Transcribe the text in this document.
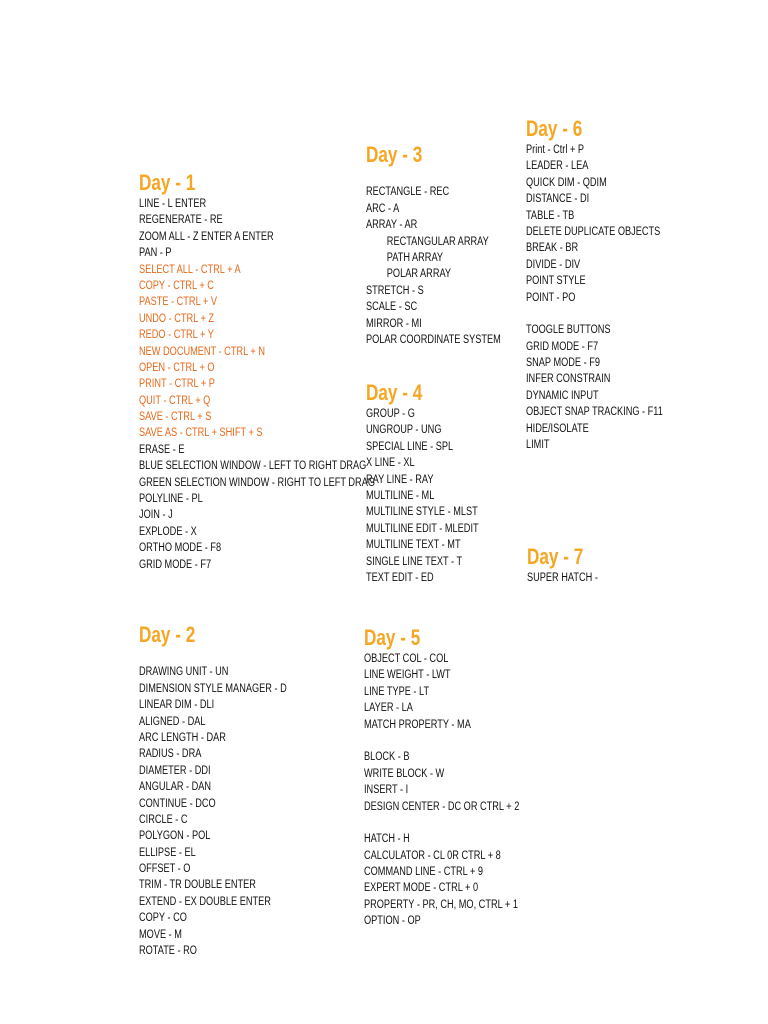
Day - 1
LINE - L ENTER
REGENERATE - RE
ZOOM ALL - Z ENTER A ENTER
PAN - P
SELECT ALL - CTRL + A
COPY - CTRL + C
PASTE - CTRL + V
UNDO - CTRL + Z
REDO - CTRL + Y
NEW DOCUMENT - CTRL + N
OPEN - CTRL + O
PRINT - CTRL + P
QUIT - CTRL + Q
SAVE - CTRL + S
SAVE AS - CTRL + SHIFT + S
ERASE - E
BLUE SELECTION WINDOW - LEFT TO RIGHT DRAG
GREEN SELECTION WINDOW - RIGHT TO LEFT DRAG
POLYLINE - PL
JOIN - J
EXPLODE - X
ORTHO MODE - F8
GRID MODE - F7
Day - 2
DRAWING UNIT - UN
DIMENSION STYLE MANAGER - D
LINEAR DIM - DLI
ALIGNED - DAL
ARC LENGTH - DAR
RADIUS - DRA
DIAMETER - DDI
ANGULAR - DAN
CONTINUE - DCO
CIRCLE - C
POLYGON - POL
ELLIPSE - EL
OFFSET - O
TRIM - TR DOUBLE ENTER
EXTEND - EX DOUBLE ENTER
COPY - CO
MOVE - M
ROTATE - RO
Day - 3
RECTANGLE - REC
ARC - A
ARRAY - AR
RECTANGULAR ARRAY
PATH ARRAY
POLAR ARRAY
STRETCH - S
SCALE - SC
MIRROR - MI
POLAR COORDINATE SYSTEM
Day - 4
GROUP - G
UNGROUP - UNG
SPECIAL LINE - SPL
X LINE - XL
RAY LINE - RAY
MULTILINE - ML
MULTILINE STYLE - MLST
MULTILINE EDIT - MLEDIT
MULTILINE TEXT - MT
SINGLE LINE TEXT - T
TEXT EDIT - ED
Day - 5
OBJECT COL - COL
LINE WEIGHT - LWT
LINE TYPE - LT
LAYER - LA
MATCH PROPERTY - MA
BLOCK - B
WRITE BLOCK - W
INSERT - I
DESIGN CENTER - DC OR CTRL + 2
HATCH - H
CALCULATOR - CL 0R CTRL + 8
COMMAND LINE - CTRL + 9
EXPERT MODE - CTRL + 0
PROPERTY - PR, CH, MO, CTRL + 1
OPTION - OP
Day - 6
Print - Ctrl + P
LEADER - LEA
QUICK DIM - QDIM
DISTANCE - DI
TABLE - TB
DELETE DUPLICATE OBJECTS
BREAK - BR
DIVIDE - DIV
POINT STYLE
POINT - PO
TOOGLE BUTTONS
GRID MODE - F7
SNAP MODE - F9
INFER CONSTRAIN
DYNAMIC INPUT
OBJECT SNAP TRACKING - F11
HIDE/ISOLATE
LIMIT
Day - 7
SUPER HATCH -
